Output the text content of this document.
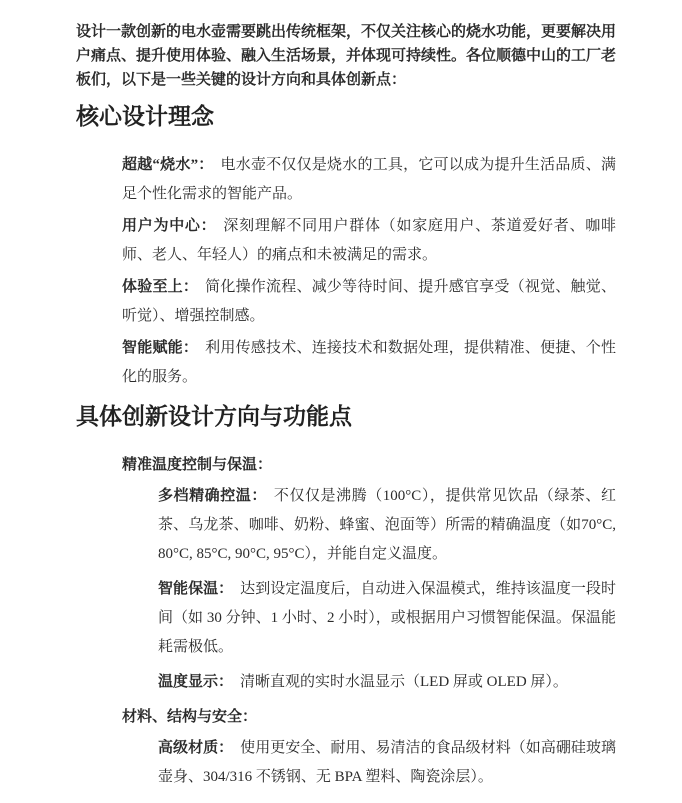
设计一款创新的电水壶需要跳出传统框架，不仅关注核心的烧水功能，更要解决用户痛点、提升使用体验、融入生活场景，并体现可持续性。各位顺德中山的工厂老板们，以下是一些关键的设计方向和具体创新点：

核心设计理念
超越“烧水”： 电水壶不仅仅是烧水的工具，它可以成为提升生活品质、满足个性化需求的智能产品。
用户为中心： 深刻理解不同用户群体（如家庭用户、茶道爱好者、咖啡师、老人、年轻人）的痛点和未被满足的需求。
体验至上： 简化操作流程、减少等待时间、提升感官享受（视觉、触觉、听觉）、增强控制感。
智能赋能： 利用传感技术、连接技术和数据处理，提供精准、便捷、个性化的服务。
具体创新设计方向与功能点
精准温度控制与保温：
多档精确控温： 不仅仅是沸腾（100°C），提供常见饮品（绿茶、红茶、乌龙茶、咖啡、奶粉、蜂蜜、泡面等）所需的精确温度（如70°C, 80°C, 85°C, 90°C, 95°C），并能自定义温度。
智能保温： 达到设定温度后，自动进入保温模式，维持该温度一段时间（如 30 分钟、1 小时、2 小时），或根据用户习惯智能保温。保温能耗需极低。
温度显示： 清晰直观的实时水温显示（LED 屏或 OLED 屏）。
材料、结构与安全：
高级材质： 使用更安全、耐用、易清洁的食品级材料（如高硼硅玻璃壶身、304/316 不锈钢、无 BPA 塑料、陶瓷涂层）。
